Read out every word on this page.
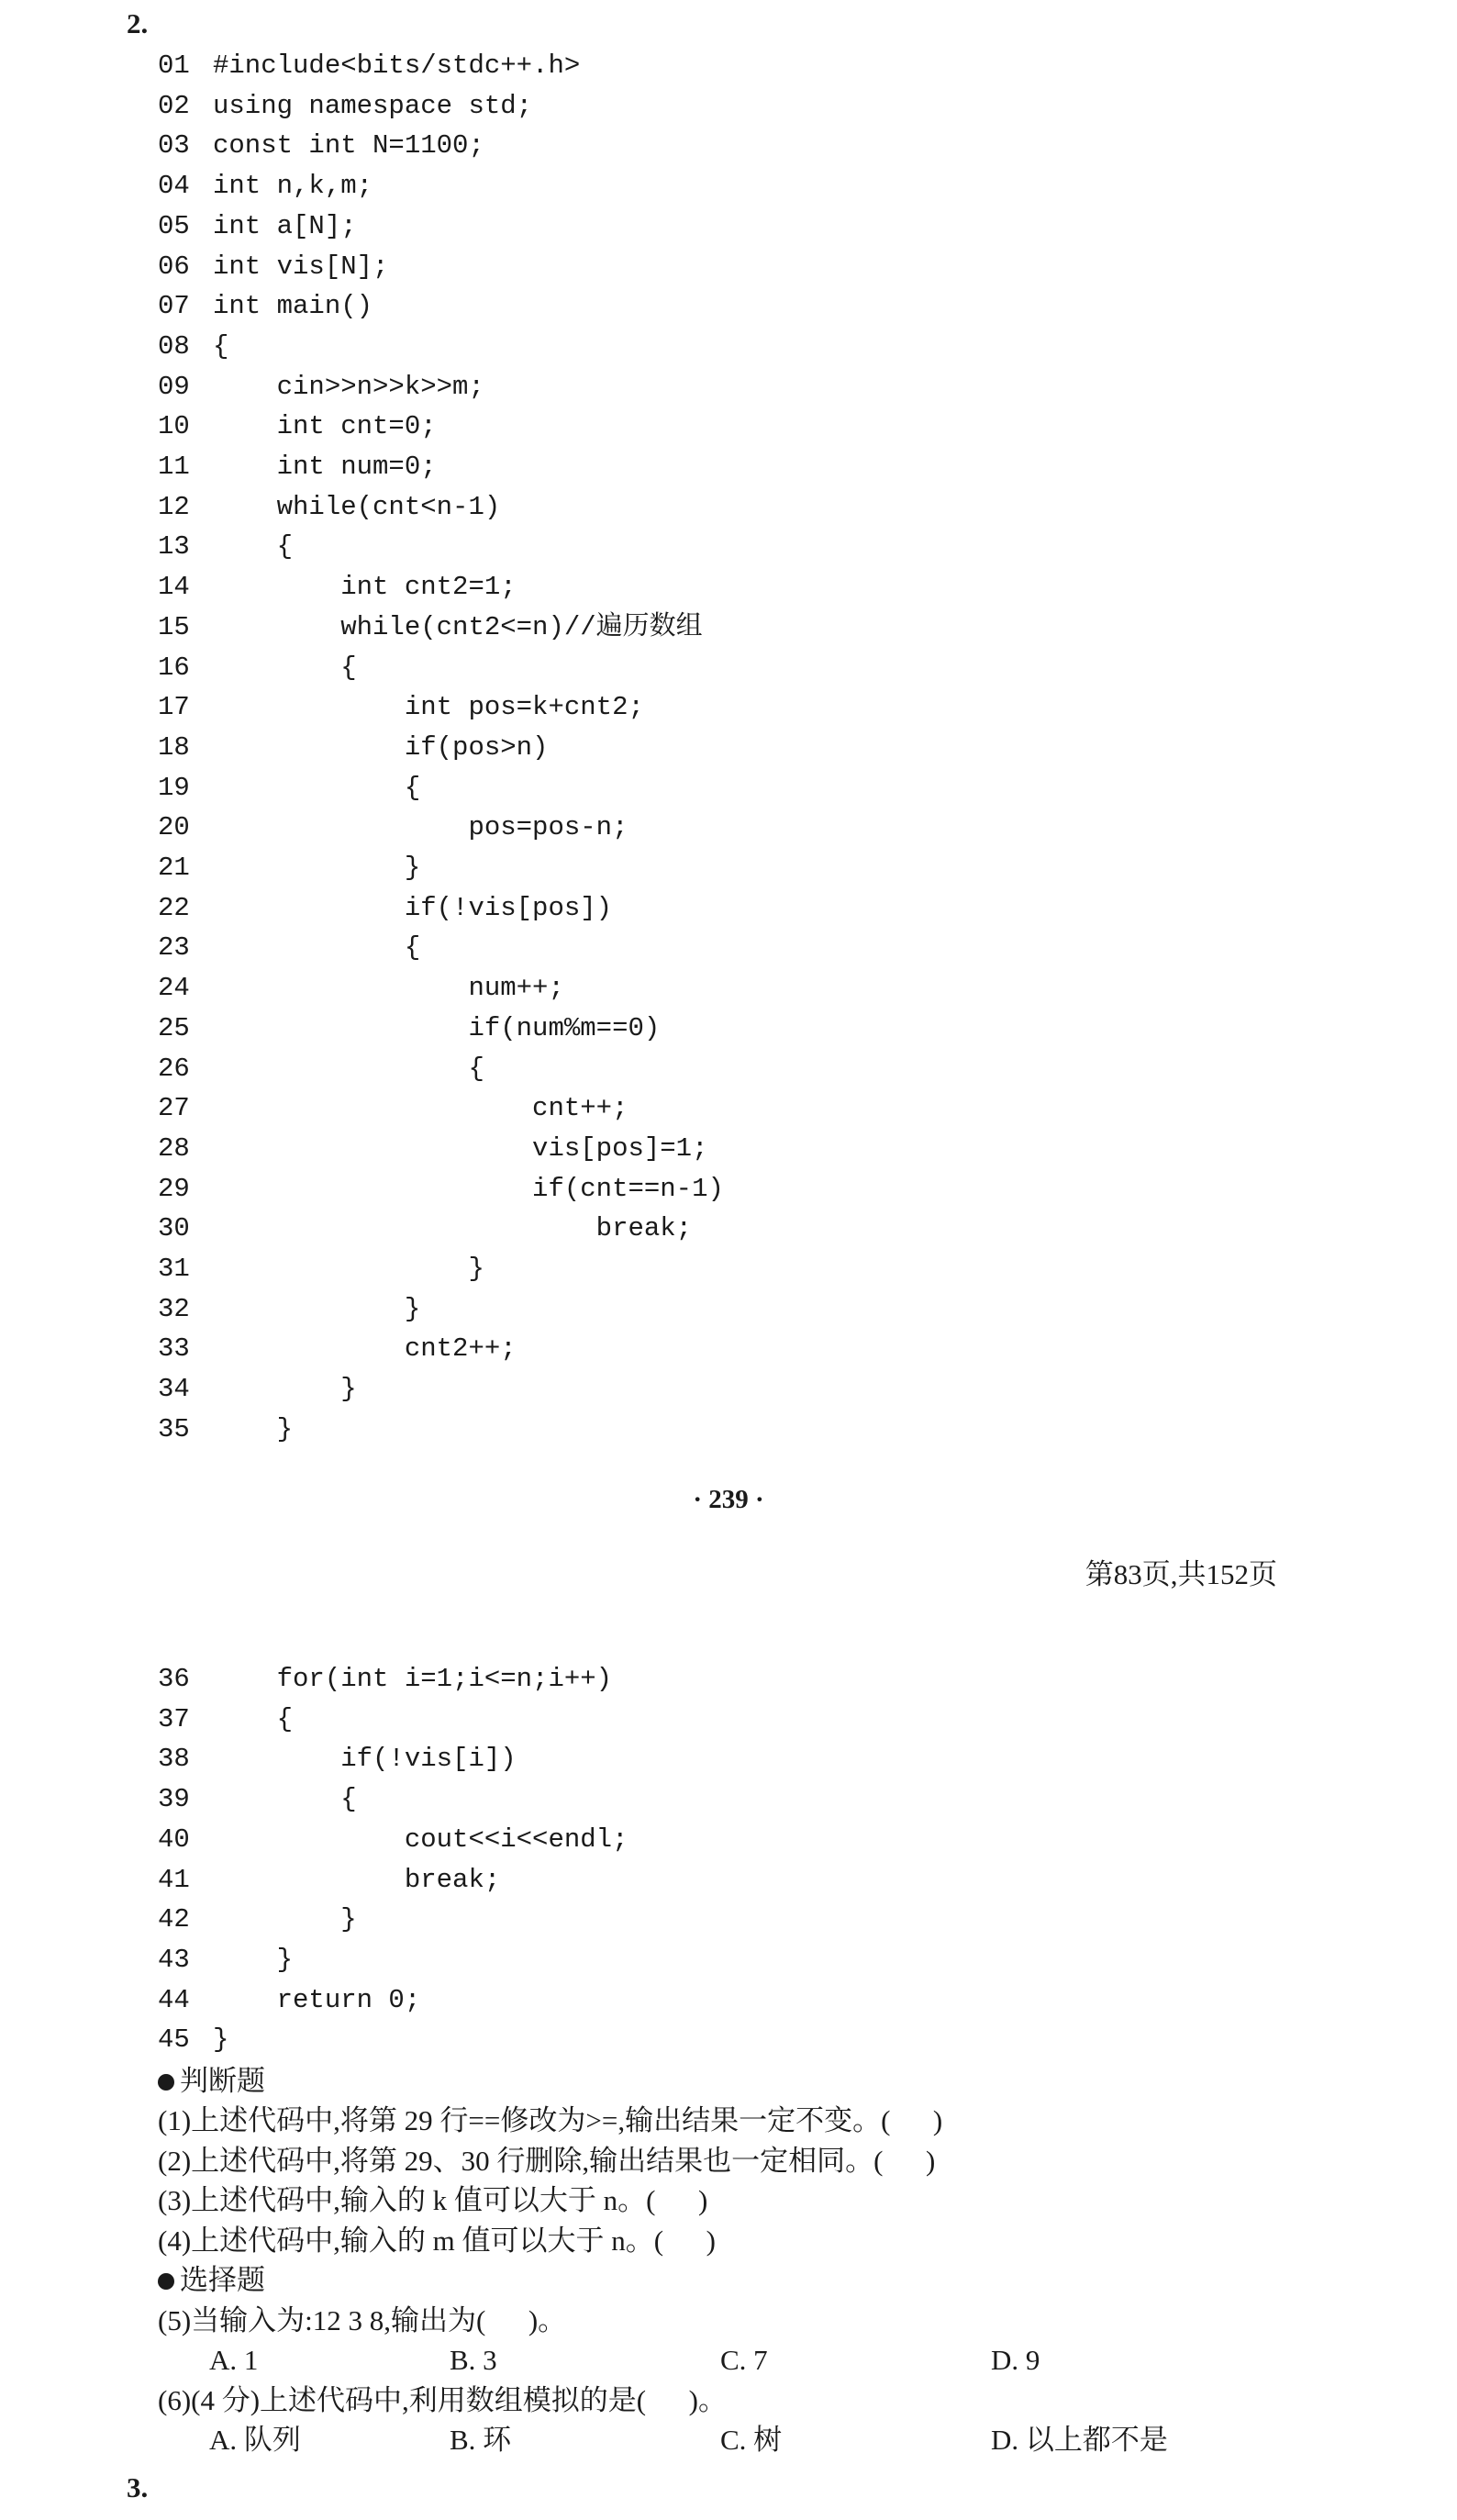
2.
01 #include<bits/stdc++.h>
02 using namespace std;
03 const int N=1100;
04 int n,k,m;
05 int a[N];
06 int vis[N];
07 int main()
08 {
09    cin>>n>>k>>m;
10    int cnt=0;
11    int num=0;
12    while(cnt<n-1)
13    {
14        int cnt2=1;
15        while(cnt2<=n)//遍历数组
16        {
17            int pos=k+cnt2;
18            if(pos>n)
19            {
20                pos=pos-n;
21            }
22            if(!vis[pos])
23            {
24                num++;
25                if(num%m==0)
26                {
27                    cnt++;
28                    vis[pos]=1;
29                    if(cnt==n-1)
30                        break;
31                }
32            }
33            cnt2++;
34        }
35    }
· 239 ·
第83页,共152页
36    for(int i=1;i<=n;i++)
37    {
38        if(!vis[i])
39        {
40            cout<<i<<endl;
41            break;
42        }
43    }
44    return 0;
45 }
判断题
(1)上述代码中,将第 29 行==修改为>=,输出结果一定不变。(      )
(2)上述代码中,将第 29、30 行删除,输出结果也一定相同。(      )
(3)上述代码中,输入的 k 值可以大于 n。(      )
(4)上述代码中,输入的 m 值可以大于 n。(      )
选择题
(5)当输入为:12 3 8,输出为(      )。
A. 1	B. 3	C. 7	D. 9
(6)(4 分)上述代码中,利用数组模拟的是(      )。
A. 队列	B. 环	C. 树	D. 以上都不是
3.
